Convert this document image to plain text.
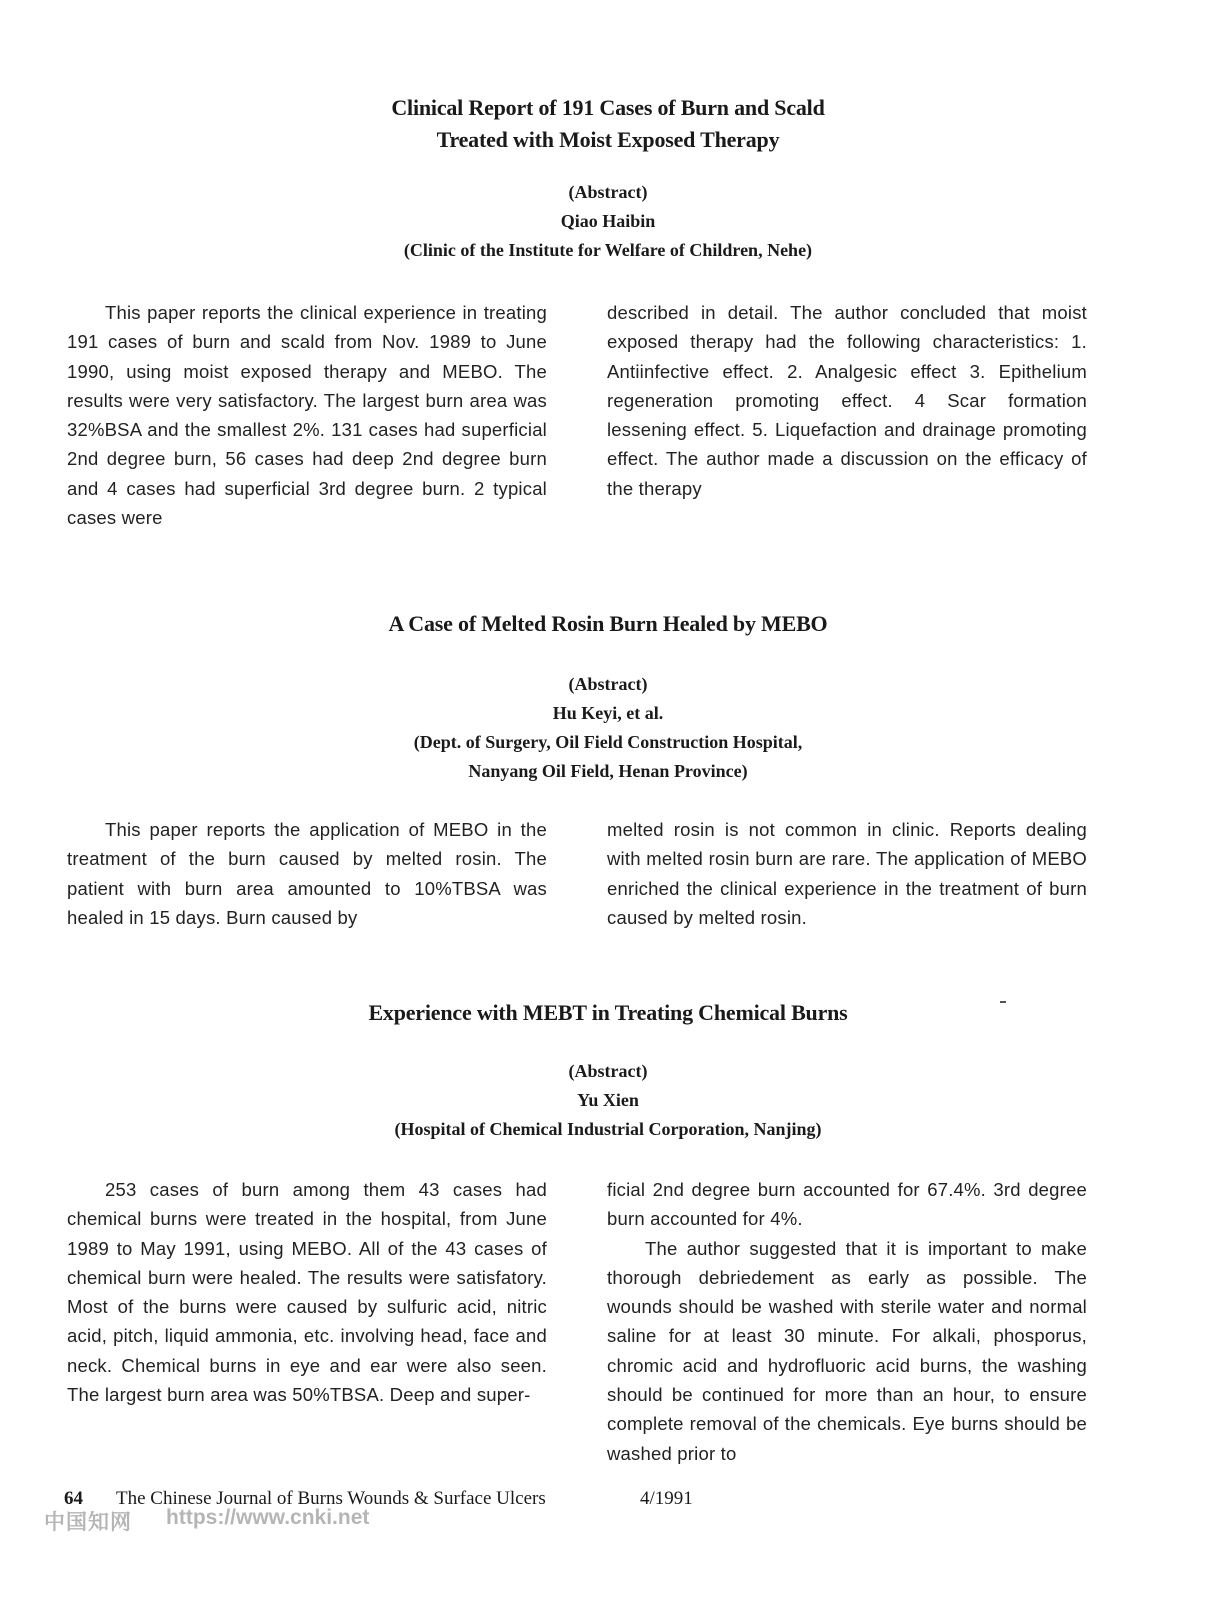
Clinical Report of 191 Cases of Burn and Scald
Treated with Moist Exposed Therapy
(Abstract)
Qiao Haibin
(Clinic of the Institute for Welfare of Children, Nehe)

This paper reports the clinical experience in treating 191 cases of burn and scald from Nov. 1989 to June 1990, using moist exposed therapy and MEBO. The results were very satisfactory. The largest burn area was 32%BSA and the smallest 2%. 131 cases had superficial 2nd degree burn, 56 cases had deep 2nd degree burn and 4 cases had superficial 3rd degree burn. 2 typical cases were

described in detail. The author concluded that moist exposed therapy had the following characteristics: 1. Antiinfective effect. 2. Analgesic effect 3. Epithelium regeneration promoting effect. 4 Scar formation lessening effect. 5. Liquefaction and drainage promoting effect. The author made a discussion on the efficacy of the therapy

A Case of Melted Rosin Burn Healed by MEBO
(Abstract)
Hu Keyi, et al.
(Dept. of Surgery, Oil Field Construction Hospital,
Nanyang Oil Field, Henan Province)

This paper reports the application of MEBO in the treatment of the burn caused by melted rosin. The patient with burn area amounted to 10%TBSA was healed in 15 days. Burn caused by

melted rosin is not common in clinic. Reports dealing with melted rosin burn are rare. The application of MEBO enriched the clinical experience in the treatment of burn caused by melted rosin.

Experience with MEBT in Treating Chemical Burns
(Abstract)
Yu Xien
(Hospital of Chemical Industrial Corporation, Nanjing)

253 cases of burn among them 43 cases had chemical burns were treated in the hospital, from June 1989 to May 1991, using MEBO. All of the 43 cases of chemical burn were healed. The results were satisfatory. Most of the burns were caused by sulfuric acid, nitric acid, pitch, liquid ammonia, etc. involving head, face and neck. Chemical burns in eye and ear were also seen. The largest burn area was 50%TBSA. Deep and super-

ficial 2nd degree burn accounted for 67.4%. 3rd degree burn accounted for 4%.

The author suggested that it is important to make thorough debriedement as early as possible. The wounds should be washed with sterile water and normal saline for at least 30 minute. For alkali, phosporus, chromic acid and hydrofluoric acid burns, the washing should be continued for more than an hour, to ensure complete removal of the chemicals. Eye burns should be washed prior to

64 The Chinese Journal of Burns Wounds & Surface Ulcers	4/1991
中国知网 https://www.cnki.net
